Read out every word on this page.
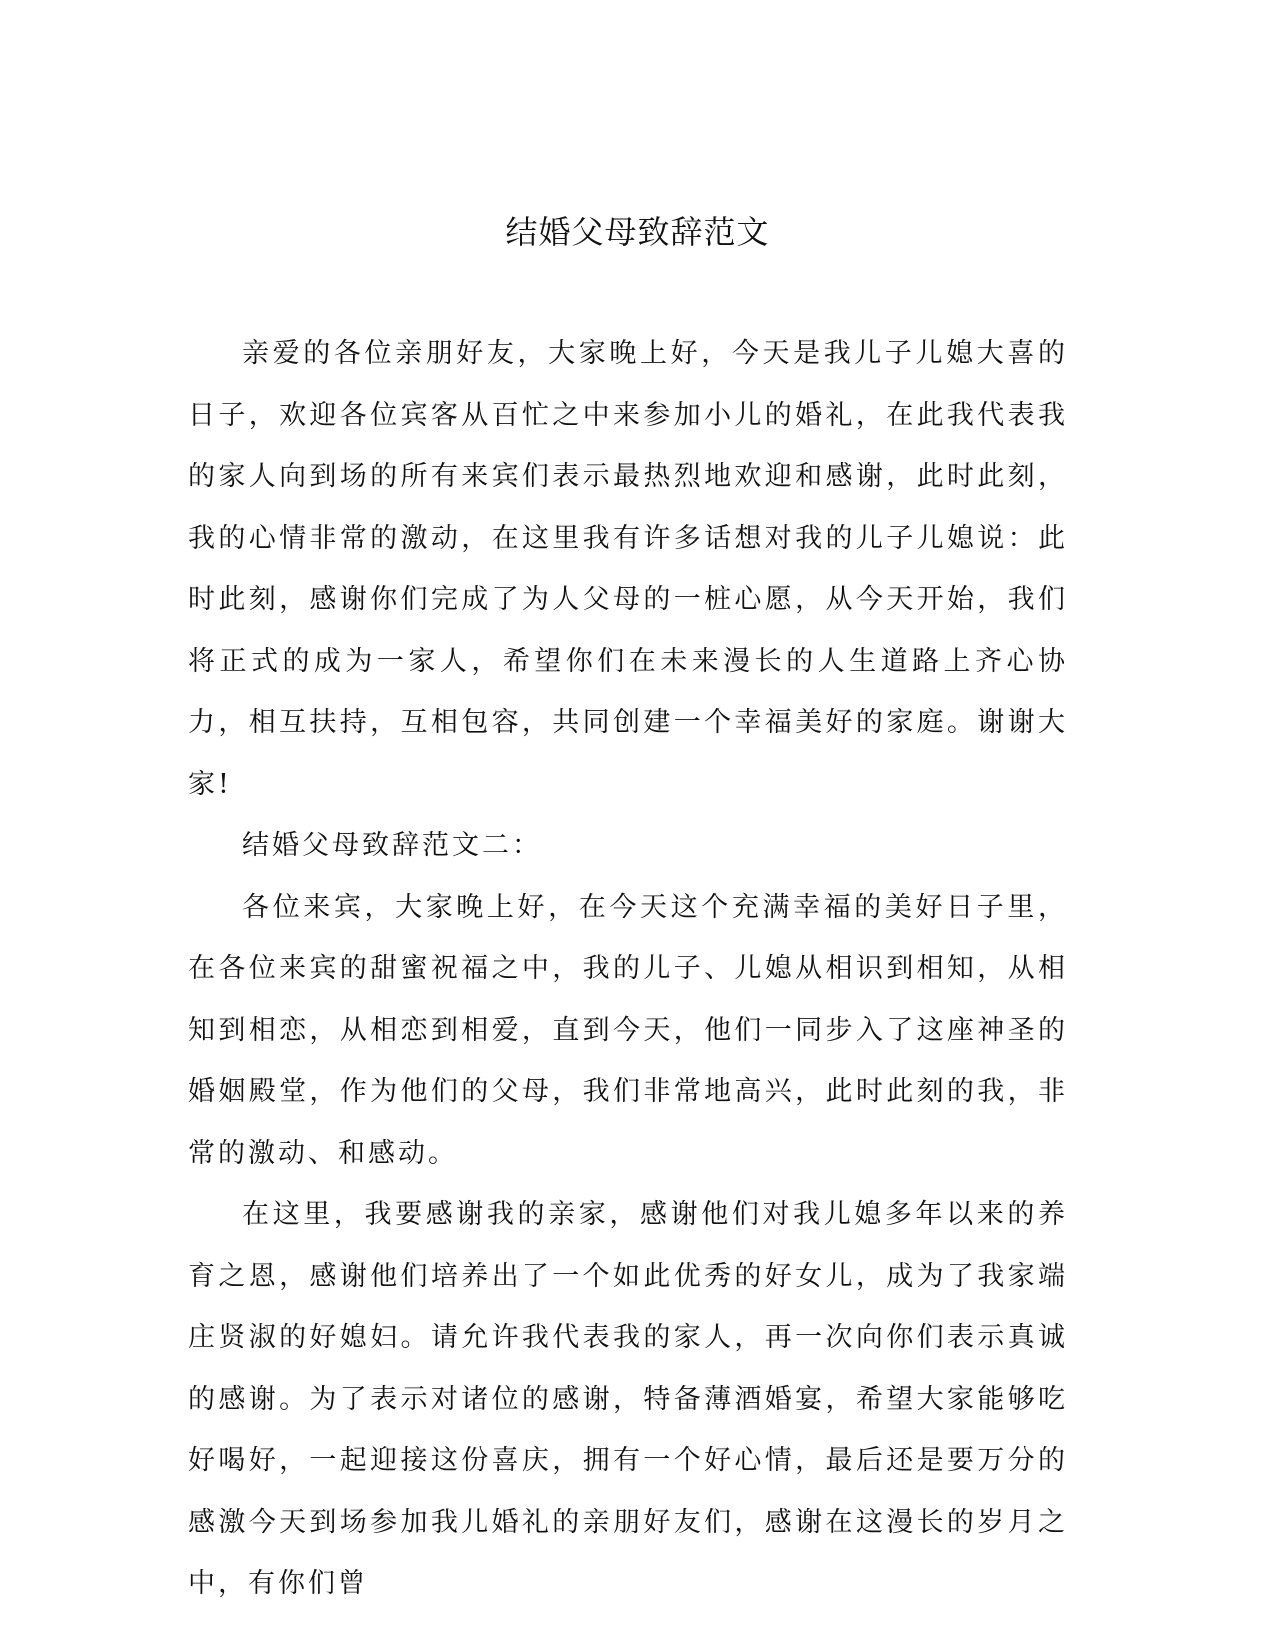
结婚父母致辞范文

亲爱的各位亲朋好友，大家晚上好，今天是我儿子儿媳大喜的日子，欢迎各位宾客从百忙之中来参加小儿的婚礼，在此我代表我的家人向到场的所有来宾们表示最热烈地欢迎和感谢，此时此刻，我的心情非常的激动，在这里我有许多话想对我的儿子儿媳说：此时此刻，感谢你们完成了为人父母的一桩心愿，从今天开始，我们将正式的成为一家人，希望你们在未来漫长的人生道路上齐心协力，相互扶持，互相包容，共同创建一个幸福美好的家庭。谢谢大家!

结婚父母致辞范文二：

各位来宾，大家晚上好，在今天这个充满幸福的美好日子里，在各位来宾的甜蜜祝福之中，我的儿子、儿媳从相识到相知，从相知到相恋，从相恋到相爱，直到今天，他们一同步入了这座神圣的婚姻殿堂，作为他们的父母，我们非常地高兴，此时此刻的我，非常的激动、和感动。

在这里，我要感谢我的亲家，感谢他们对我儿媳多年以来的养育之恩，感谢他们培养出了一个如此优秀的好女儿，成为了我家端庄贤淑的好媳妇。请允许我代表我的家人，再一次向你们表示真诚的感谢。为了表示对诸位的感谢，特备薄酒婚宴，希望大家能够吃好喝好，一起迎接这份喜庆，拥有一个好心情，最后还是要万分的感激今天到场参加我儿婚礼的亲朋好友们，感谢在这漫长的岁月之中，有你们曾
